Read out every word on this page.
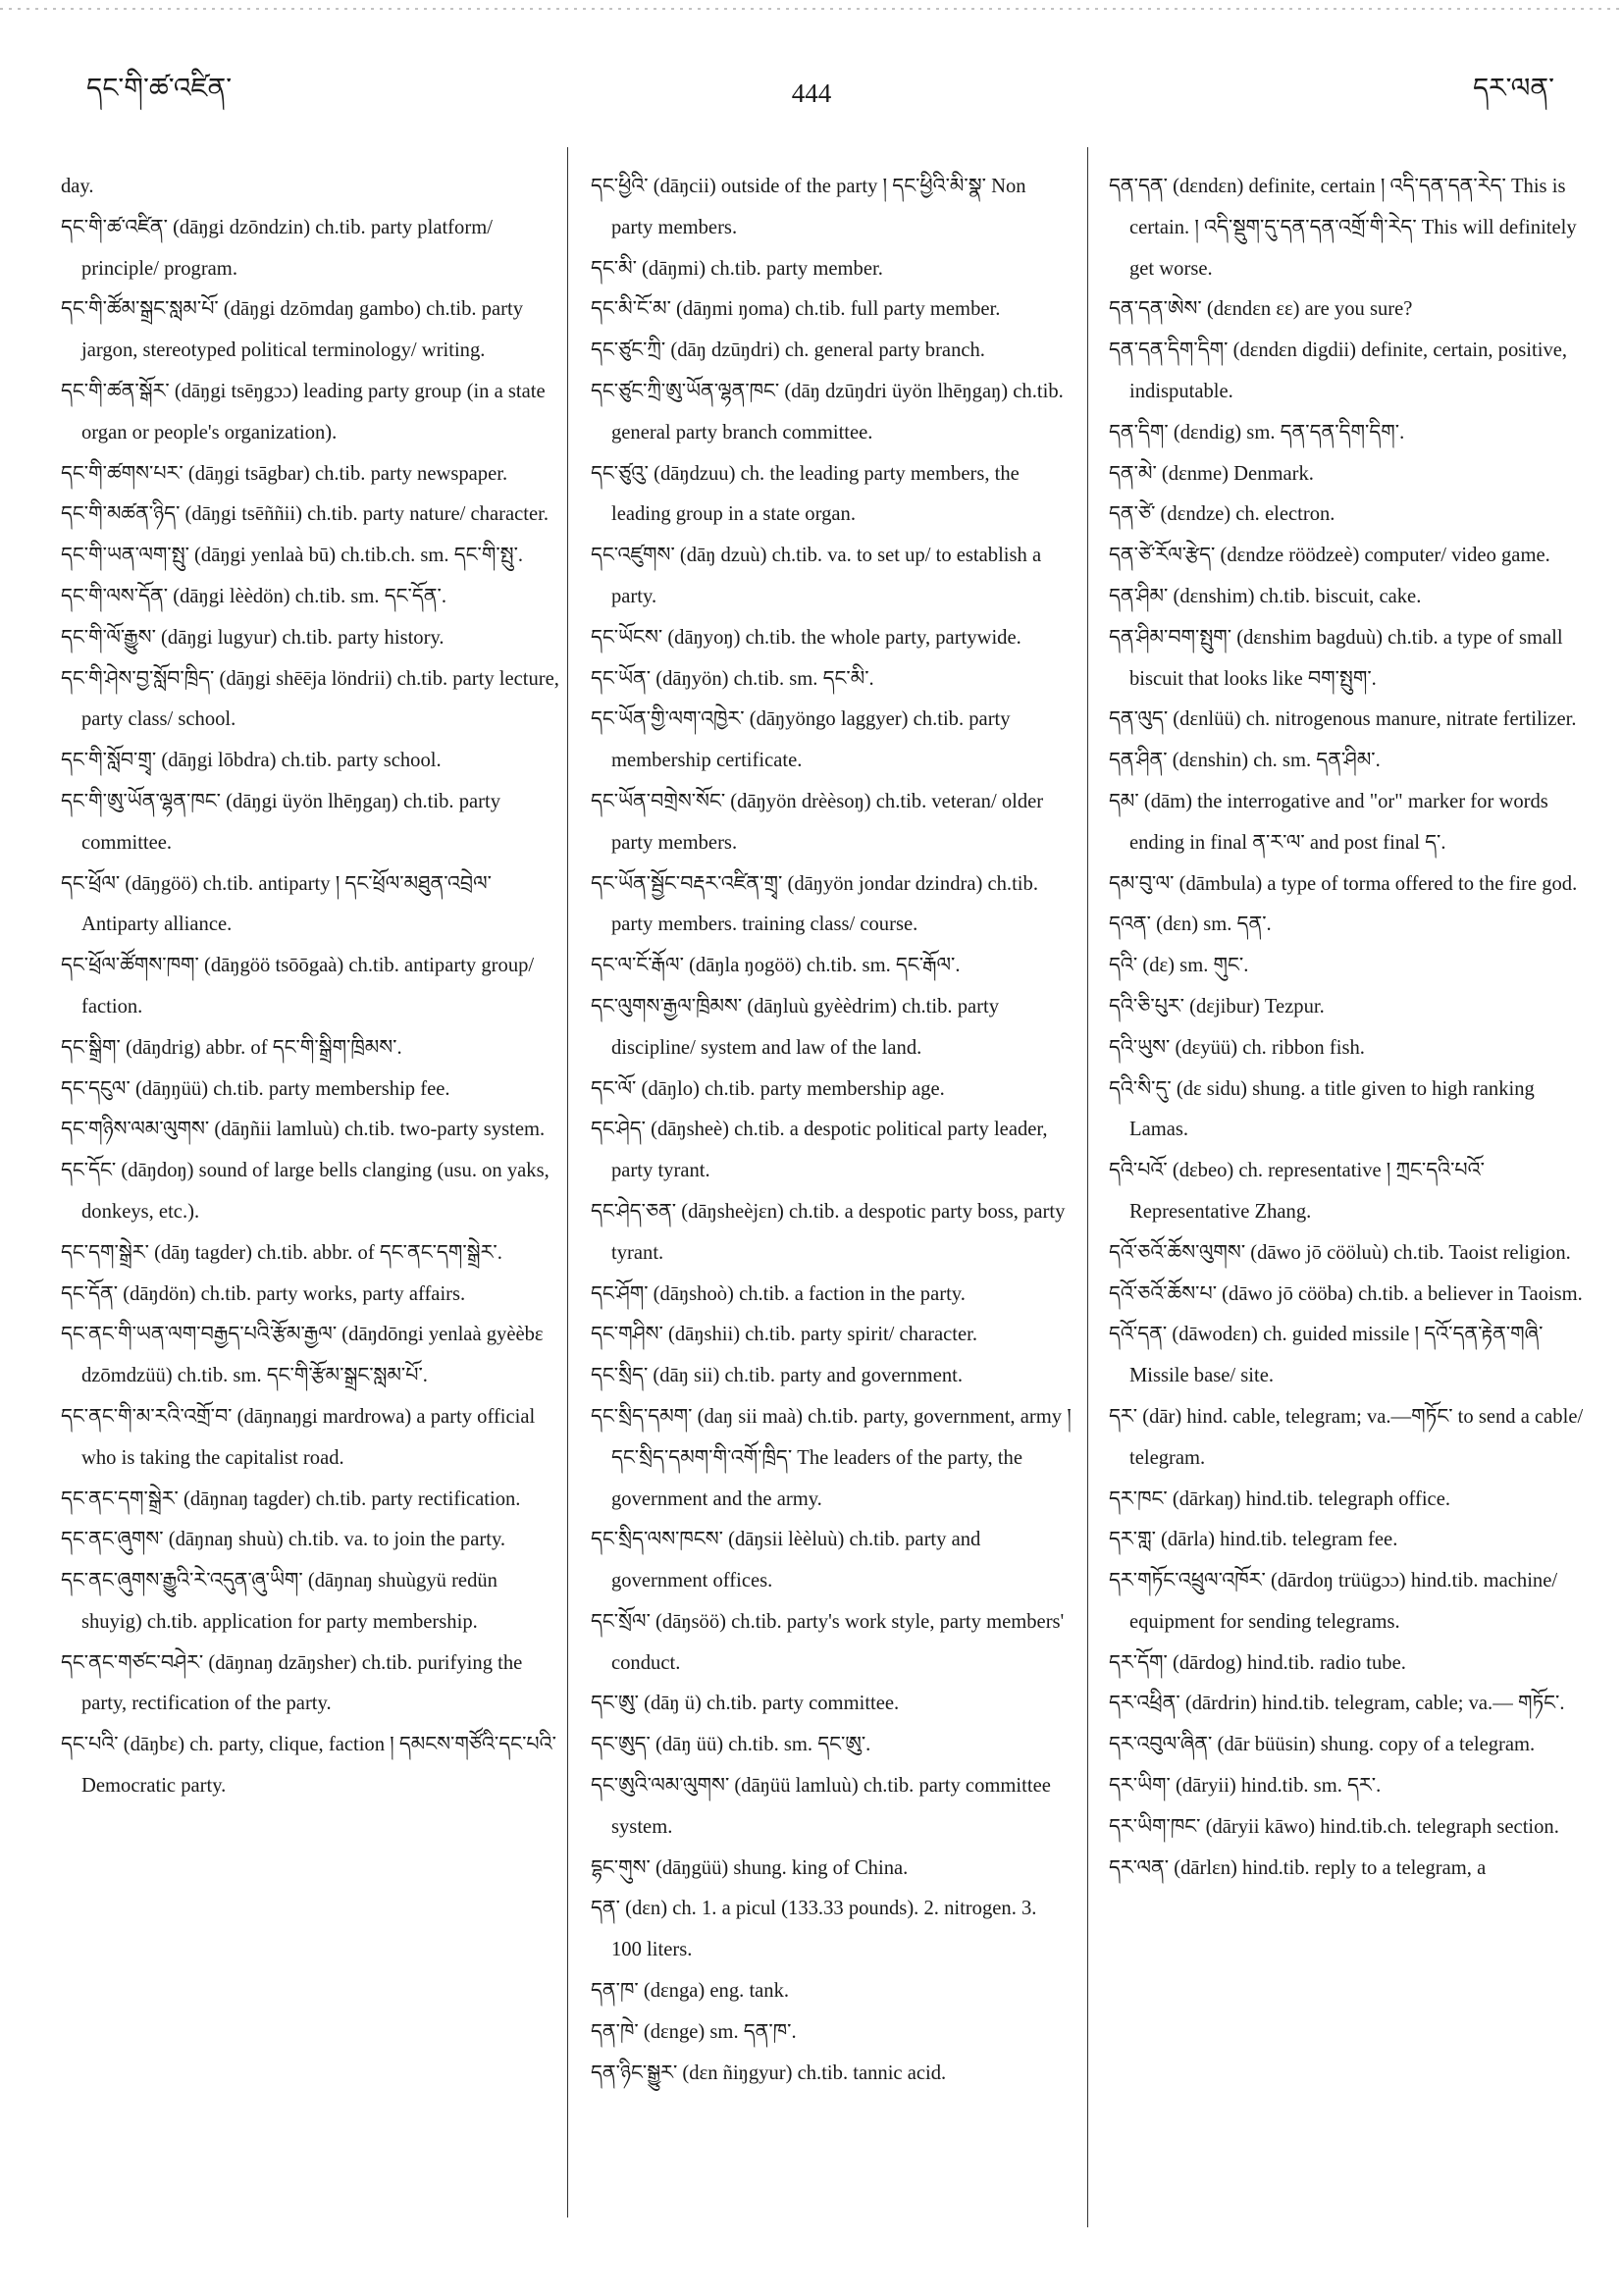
དང་གི་ཚ་འཛིན་	444	དར་ལན་

day.

དང་གི་ཚ་འཛིན་ (dāŋgi dzōndzin) ch.tib. party platform/ principle/ program.

དང་གི་ཚོམ་སྒྲང་སླམ་པོ་ (dāŋgi dzōmdaŋ gambo) ch.tib. party jargon, stereotyped political terminology/ writing.

དང་གི་ཚན་སྒོར་ (dāŋgi tsēŋgɔɔ) leading party group (in a state organ or people's organization).

དང་གི་ཚགས་པར་ (dāŋgi tsāgbar) ch.tib. party newspaper.

དང་གི་མཚན་ཉིད་ (dāŋgi tsēññii) ch.tib. party nature/ character.

དང་གི་ཡན་ལག་སྤུ་ (dāŋgi yenlaà bū) ch.tib.ch. sm. དང་གི་སྤུ་.

དང་གི་ལས་དོན་ (dāŋgi lèèdön) ch.tib. sm. དང་དོན་.

དང་གི་ལོ་རྒྱུས་ (dāŋgi lugyur) ch.tib. party history.

དང་གི་ཤེས་བྱ་སློབ་ཁྲིད་ (dāŋgi shēēja löndrii) ch.tib. party lecture, party class/ school.

དང་གི་སློབ་གྲྭ་ (dāŋgi lōbdra) ch.tib. party school.

དང་གི་ཨུ་ཡོན་ལྷན་ཁང་ (dāŋgi üyön lhēŋgaŋ) ch.tib. party committee.

དང་ཕྲོལ་ (dāŋgöö) ch.tib. antiparty ། དང་ཕྲོལ་མཐུན་འབྲེལ་ Antiparty alliance.

དང་ཕྲོལ་ཚོགས་ཁག་ (dāŋgöö tsōōgaà) ch.tib. antiparty group/ faction.

དང་སྒྲིག་ (dāŋdrig) abbr. of དང་གི་སྒྲིག་ཁྲིམས་.

དང་དངུལ་ (dāŋŋüü) ch.tib. party membership fee.

དང་གཉིས་ལམ་ལུགས་ (dāŋñii lamluù) ch.tib. two-party system.

དང་དོང་ (dāŋdoŋ) sound of large bells clanging (usu. on yaks, donkeys, etc.).

དང་དག་སྒྲེར་ (dāŋ tagder) ch.tib. abbr. of དང་ནང་དག་སྒྲེར་.

དང་དོན་ (dāŋdön) ch.tib. party works, party affairs.

དང་ནང་གི་ཡན་ལག་བརྒྱད་པའི་རྩོམ་རྒྱལ་ (dāŋdōngi yenlaà gyèèbɛ dzōmdzüü) ch.tib. sm. དང་གི་རྩོམ་སྒྲང་སླམ་པོ་.

དང་ནང་གི་མ་རའི་འགྲོ་བ་ (dāŋnaŋgi mardrowa) a party official who is taking the capitalist road.

དང་ནང་དག་སྒྲེར་ (dāŋnaŋ tagder) ch.tib. party rectification.

དང་ནང་ཞུགས་ (dāŋnaŋ shuù) ch.tib. va. to join the party.

དང་ནང་ཞུགས་རྒྱུའི་རེ་འདུན་ཞུ་ཡིག་ (dāŋnaŋ shuùgyü redün shuyig) ch.tib. application for party membership.

དང་ནང་གཙང་བཤེར་ (dāŋnaŋ dzāŋsher) ch.tib. purifying the party, rectification of the party.

དང་པའི་ (dāŋbɛ) ch. party, clique, faction ། དམངས་གཙོའི་དང་པའི་ Democratic party.

དང་ཕྱིའི་ (dāŋcii) outside of the party ། དང་ཕྱིའི་མི་སྣ་ Non party members.

དང་མི་ (dāŋmi) ch.tib. party member.

དང་མི་ངོ་མ་ (dāŋmi ŋoma) ch.tib. full party member.

དང་ཙུང་ཀྲི་ (dāŋ dzūŋdri) ch. general party branch.

དང་ཙུང་ཀྲི་ཨུ་ཡོན་ལྷན་ཁང་ (dāŋ dzūŋdri üyön lhēŋgaŋ) ch.tib. general party branch committee.

དང་ཙུའུ་ (dāŋdzuu) ch. the leading party members, the leading group in a state organ.

དང་འཛུགས་ (dāŋ dzuù) ch.tib. va. to set up/ to establish a party.

དང་ཡོངས་ (dāŋyoŋ) ch.tib. the whole party, partywide.

དང་ཡོན་ (dāŋyön) ch.tib. sm. དང་མི་.

དང་ཡོན་གྱི་ལག་འཁྱེར་ (dāŋyöngo laggyer) ch.tib. party membership certificate.

དང་ཡོན་བགྲེས་སོང་ (dāŋyön drèèsoŋ) ch.tib. veteran/ older party members.

དང་ཡོན་སྦྱོང་བརྡར་འཛིན་གྲྭ་ (dāŋyön jondar dzindra) ch.tib. party members. training class/ course.

དང་ལ་ངོ་རྒོལ་ (dāŋla ŋogöö) ch.tib. sm. དང་རྒོལ་.

དང་ལུགས་རྒྱལ་ཁྲིམས་ (dāŋluù gyèèdrim) ch.tib. party discipline/ system and law of the land.

དང་ལོ་ (dāŋlo) ch.tib. party membership age.

དང་ཤེད་ (dāŋsheè) ch.tib. a despotic political party leader, party tyrant.

དང་ཤེད་ཅན་ (dāŋsheèjɛn) ch.tib. a despotic party boss, party tyrant.

དང་ཤོག་ (dāŋshoò) ch.tib. a faction in the party.

དང་གཤིས་ (dāŋshii) ch.tib. party spirit/ character.

དང་སྲིད་ (dāŋ sii) ch.tib. party and government.

དང་སྲིད་དམག་ (daŋ sii maà) ch.tib. party, government, army ། དང་སྲིད་དམག་གི་འགོ་ཁྲིད་ The leaders of the party, the government and the army.

དང་སྲིད་ལས་ཁངས་ (dāŋsii lèèluù) ch.tib. party and government offices.

དང་སྲོལ་ (dāŋsöö) ch.tib. party's work style, party members' conduct.

དང་ཨུ་ (dāŋ ü) ch.tib. party committee.

དང་ཨུད་ (dāŋ üü) ch.tib. sm. དང་ཨུ་.

དང་ཨུའི་ལམ་ལུགས་ (dāŋüü lamluù) ch.tib. party committee system.

དྷང་གུས་ (dāŋgüü) shung. king of China.

དན་ (dɛn) ch. 1. a picul (133.33 pounds). 2. nitrogen. 3. 100 liters.

དན་ཁ་ (dɛnga) eng. tank.

དན་ཁེ་ (dɛnge) sm. དན་ཁ་.

དན་ཉིང་སྒྱུར་ (dɛn ñiŋgyur) ch.tib. tannic acid.

དན་དན་ (dɛndɛn) definite, certain ། འདི་དན་དན་རེད་ This is certain. ། འདི་སྡུག་དུ་དན་དན་འགྲོ་གི་རེད་ This will definitely get worse.

དན་དན་ཨེས་ (dɛndɛn ɛɛ) are you sure?

དན་དན་དིག་དིག་ (dɛndɛn digdii) definite, certain, positive, indisputable.

དན་དིག་ (dɛndig) sm. དན་དན་དིག་དིག་.

དན་མེ་ (dɛnme) Denmark.

དན་ཙེ་ (dɛndze) ch. electron.

དན་ཙེ་རོལ་རྩེད་ (dɛndze röödzeè) computer/ video game.

དན་ཤིམ་ (dɛnshim) ch.tib. biscuit, cake.

དན་ཤིམ་བག་སྤུག་ (dɛnshim bagduù) ch.tib. a type of small biscuit that looks like བག་སྤུག་.

དན་ལུད་ (dɛnlüü) ch. nitrogenous manure, nitrate fertilizer.

དན་ཤིན་ (dɛnshin) ch. sm. དན་ཤིམ་.

དམ་ (dām) the interrogative and "or" marker for words ending in final ན་ར་ལ་ and post final ད་.

དམ་བུ་ལ་ (dāmbula) a type of torma offered to the fire god.

དའན་ (dɛn) sm. དན་.

དའི་ (dɛ) sm. གུང་.

དའི་ཅི་པུར་ (dɛjibur) Tezpur.

དའི་ཡུས་ (dɛyüü) ch. ribbon fish.

དའི་སི་དུ་ (dɛ sidu) shung. a title given to high ranking Lamas.

དའི་པའོ་ (dɛbeo) ch. representative ། ཀྲང་དའི་པའོ་ Representative Zhang.

དའོ་ཅའོ་ཆོས་ལུགས་ (dāwo jō cööluù) ch.tib. Taoist religion.

དའོ་ཅའོ་ཆོས་པ་ (dāwo jō cööba) ch.tib. a believer in Taoism.

དའོ་དན་ (dāwodɛn) ch. guided missile ། དའོ་དན་རྟེན་གཞི་ Missile base/ site.

དར་ (dār) hind. cable, telegram; va.—གཏོང་ to send a cable/ telegram.

དར་ཁང་ (dārkaŋ) hind.tib. telegraph office.

དར་གླ་ (dārla) hind.tib. telegram fee.

དར་གཏོང་འཕྲུལ་འཁོར་ (dārdoŋ trüügɔɔ) hind.tib. machine/ equipment for sending telegrams.

དར་དོག་ (dārdog) hind.tib. radio tube.

དར་འཕྲིན་ (dārdrin) hind.tib. telegram, cable; va.— གཏོང་.

དར་འབུལ་ཞིན་ (dār büüsin) shung. copy of a telegram.

དར་ཡིག་ (dāryii) hind.tib. sm. དར་.

དར་ཡིག་ཁང་ (dāryii kāwo) hind.tib.ch. telegraph section.

དར་ལན་ (dārlɛn) hind.tib. reply to a telegram, a
